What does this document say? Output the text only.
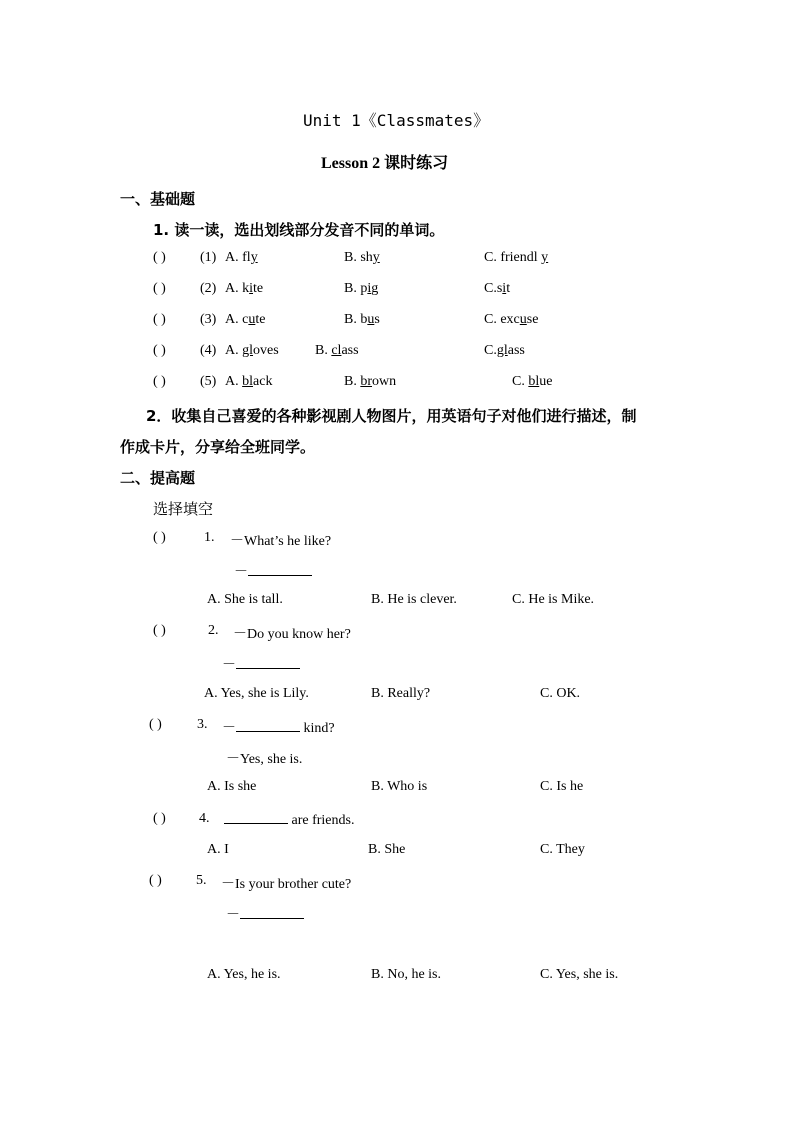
Unit 1《Classmates》
Lesson 2 课时练习
一、基础题
1. 读一读，选出划线部分发音不同的单词。
( ) (1) A. fly	B. shy	C. friendl y
( ) (2) A. kite	B. pig	C.sit
( ) (3) A. cute	B. bus	C. excuse
( ) (4) A. gloves	B. class	C.glass
( ) (5) A. black	B. brown	C. blue
2．收集自己喜爱的各种影视剧人物图片，用英语句子对他们进行描述，制
作成卡片，分享给全班同学。
二、提高题
选择填空
( )	1. －What’s he like?
－
A. She is tall.	B. He is clever.	C. He is Mike.
( )	2. －Do you know her?
－
A. Yes, she is Lily.	B. Really?	C. OK.
( )	3. －	kind?
－Yes, she is.
A. Is she	B. Who is	C. Is he
( ) 4.	are friends.
A. I	B. She	C. They
( ) 5. －Is your brother cute?
－
A. Yes, he is.	B. No, he is.	C. Yes, she is.
